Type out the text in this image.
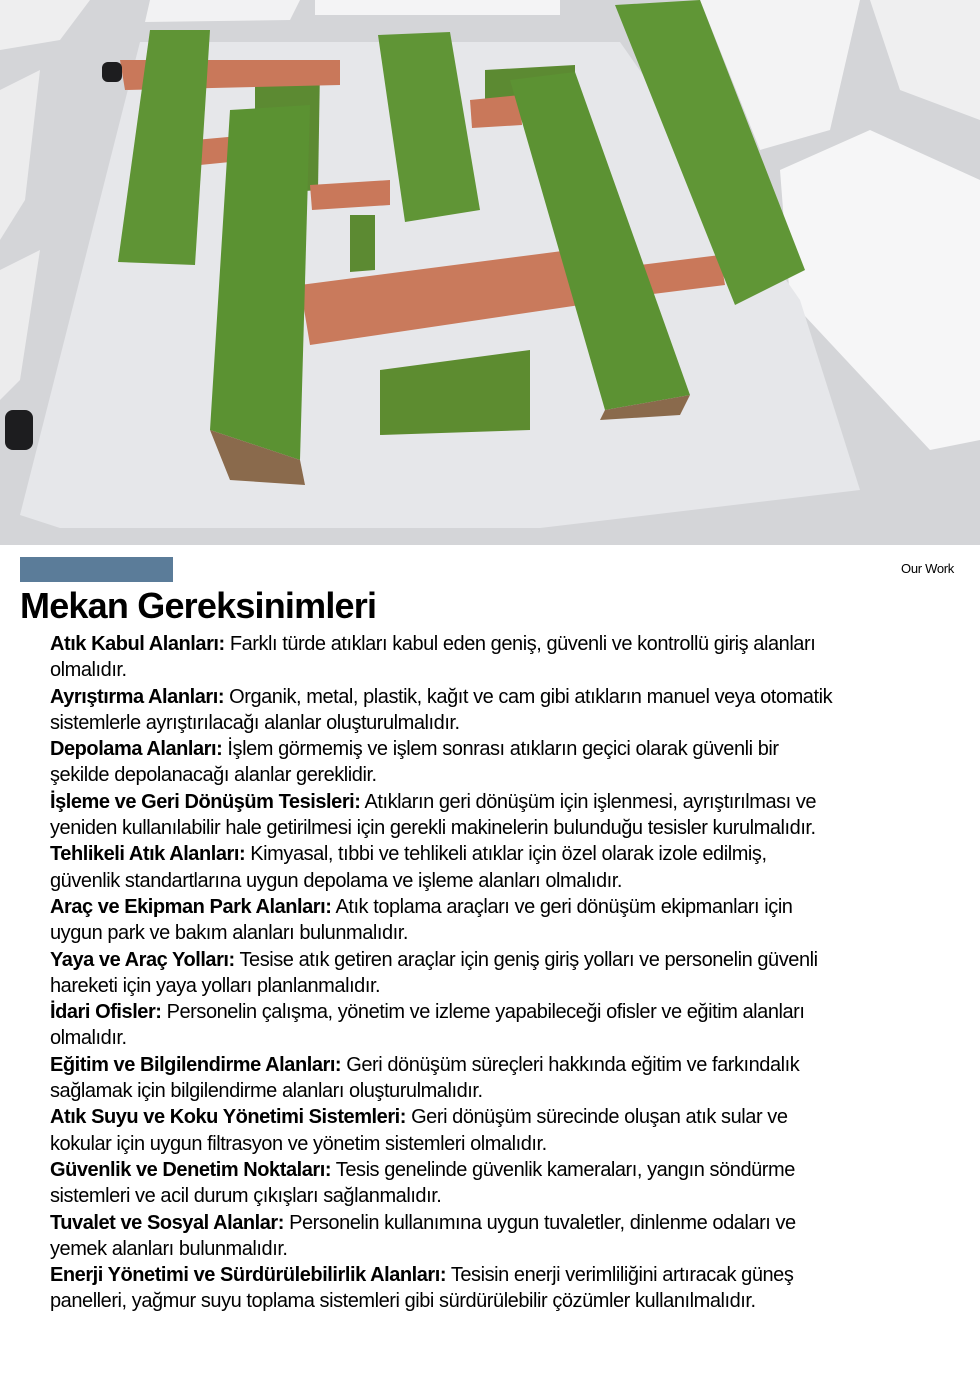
Our Work
Mekan Gereksinimleri

Atık Kabul Alanları: Farklı türde atıkları kabul eden geniş, güvenli ve kontrollü giriş alanları olmalıdır.

Ayrıştırma Alanları: Organik, metal, plastik, kağıt ve cam gibi atıkların manuel veya otomatik sistemlerle ayrıştırılacağı alanlar oluşturulmalıdır.

Depolama Alanları: İşlem görmemiş ve işlem sonrası atıkların geçici olarak güvenli bir şekilde depolanacağı alanlar gereklidir.

İşleme ve Geri Dönüşüm Tesisleri: Atıkların geri dönüşüm için işlenmesi, ayrıştırılması ve yeniden kullanılabilir hale getirilmesi için gerekli makinelerin bulunduğu tesisler kurulmalıdır.

Tehlikeli Atık Alanları: Kimyasal, tıbbi ve tehlikeli atıklar için özel olarak izole edilmiş, güvenlik standartlarına uygun depolama ve işleme alanları olmalıdır.

Araç ve Ekipman Park Alanları: Atık toplama araçları ve geri dönüşüm ekipmanları için uygun park ve bakım alanları bulunmalıdır.

Yaya ve Araç Yolları: Tesise atık getiren araçlar için geniş giriş yolları ve personelin güvenli hareketi için yaya yolları planlanmalıdır.

İdari Ofisler: Personelin çalışma, yönetim ve izleme yapabileceği ofisler ve eğitim alanları olmalıdır.

Eğitim ve Bilgilendirme Alanları: Geri dönüşüm süreçleri hakkında eğitim ve farkındalık sağlamak için bilgilendirme alanları oluşturulmalıdır.

Atık Suyu ve Koku Yönetimi Sistemleri: Geri dönüşüm sürecinde oluşan atık sular ve kokular için uygun filtrasyon ve yönetim sistemleri olmalıdır.

Güvenlik ve Denetim Noktaları: Tesis genelinde güvenlik kameraları, yangın söndürme sistemleri ve acil durum çıkışları sağlanmalıdır.

Tuvalet ve Sosyal Alanlar: Personelin kullanımına uygun tuvaletler, dinlenme odaları ve yemek alanları bulunmalıdır.

Enerji Yönetimi ve Sürdürülebilirlik Alanları: Tesisin enerji verimliliğini artıracak güneş panelleri, yağmur suyu toplama sistemleri gibi sürdürülebilir çözümler kullanılmalıdır.
